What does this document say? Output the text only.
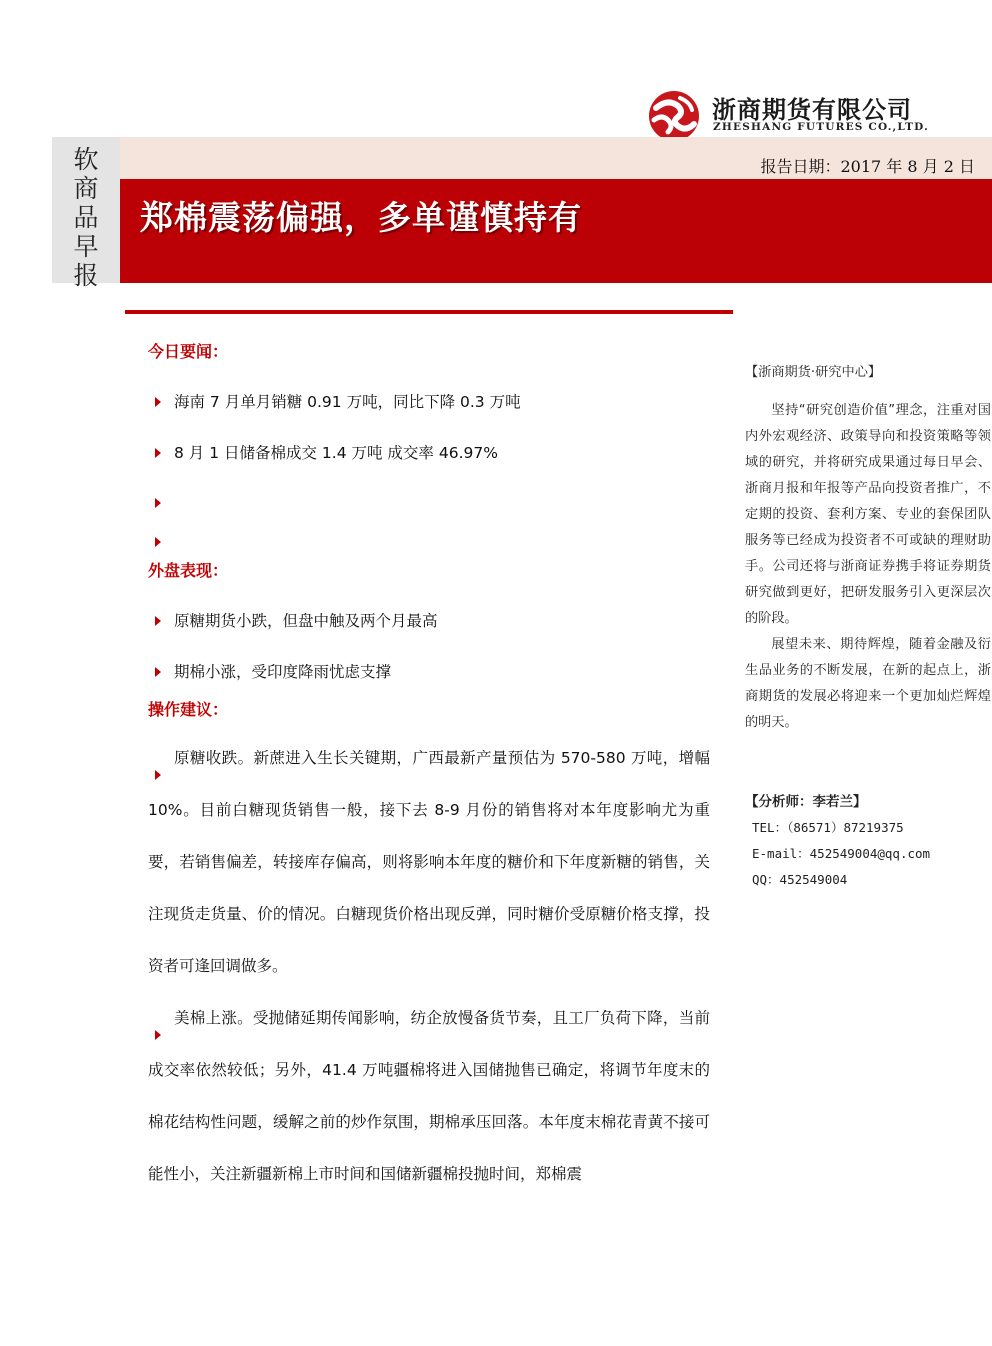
浙商期货有限公司
ZHESHANG FUTURES CO.,LTD.
软商品早报
报告日期：2017 年 8 月 2 日
郑棉震荡偏强，多单谨慎持有
今日要闻：
海南 7 月单月销糖 0.91 万吨，同比下降 0.3 万吨
8 月 1 日储备棉成交 1.4 万吨 成交率 46.97%
外盘表现：
原糖期货小跌，但盘中触及两个月最高
期棉小涨，受印度降雨忧虑支撑
操作建议：
原糖收跌。新蔗进入生长关键期，广西最新产量预估为 570-580 万吨，增幅 10%。目前白糖现货销售一般，接下去 8-9 月份的销售将对本年度影响尤为重要，若销售偏差，转接库存偏高，则将影响本年度的糖价和下年度新糖的销售，关注现货走货量、价的情况。白糖现货价格出现反弹，同时糖价受原糖价格支撑，投资者可逢回调做多。
美棉上涨。受抛储延期传闻影响，纺企放慢备货节奏，且工厂负荷下降，当前成交率依然较低；另外，41.4 万吨疆棉将进入国储抛售已确定，将调节年度末的棉花结构性问题，缓解之前的炒作氛围，期棉承压回落。本年度末棉花青黄不接可能性小，关注新疆新棉上市时间和国储新疆棉投抛时间，郑棉震
【浙商期货·研究中心】

坚持“研究创造价值”理念，注重对国内外宏观经济、政策导向和投资策略等领域的研究，并将研究成果通过每日早会、浙商月报和年报等产品向投资者推广，不定期的投资、套利方案、专业的套保团队服务等已经成为投资者不可或缺的理财助手。公司还将与浙商证券携手将证券期货研究做到更好，把研发服务引入更深层次的阶段。

展望未来、期待辉煌，随着金融及衍生品业务的不断发展，在新的起点上，浙商期货的发展必将迎来一个更加灿烂辉煌的明天。

【分析师：李若兰】
TEL：（86571）87219375
E-mail：452549004@qq.com
QQ：452549004
